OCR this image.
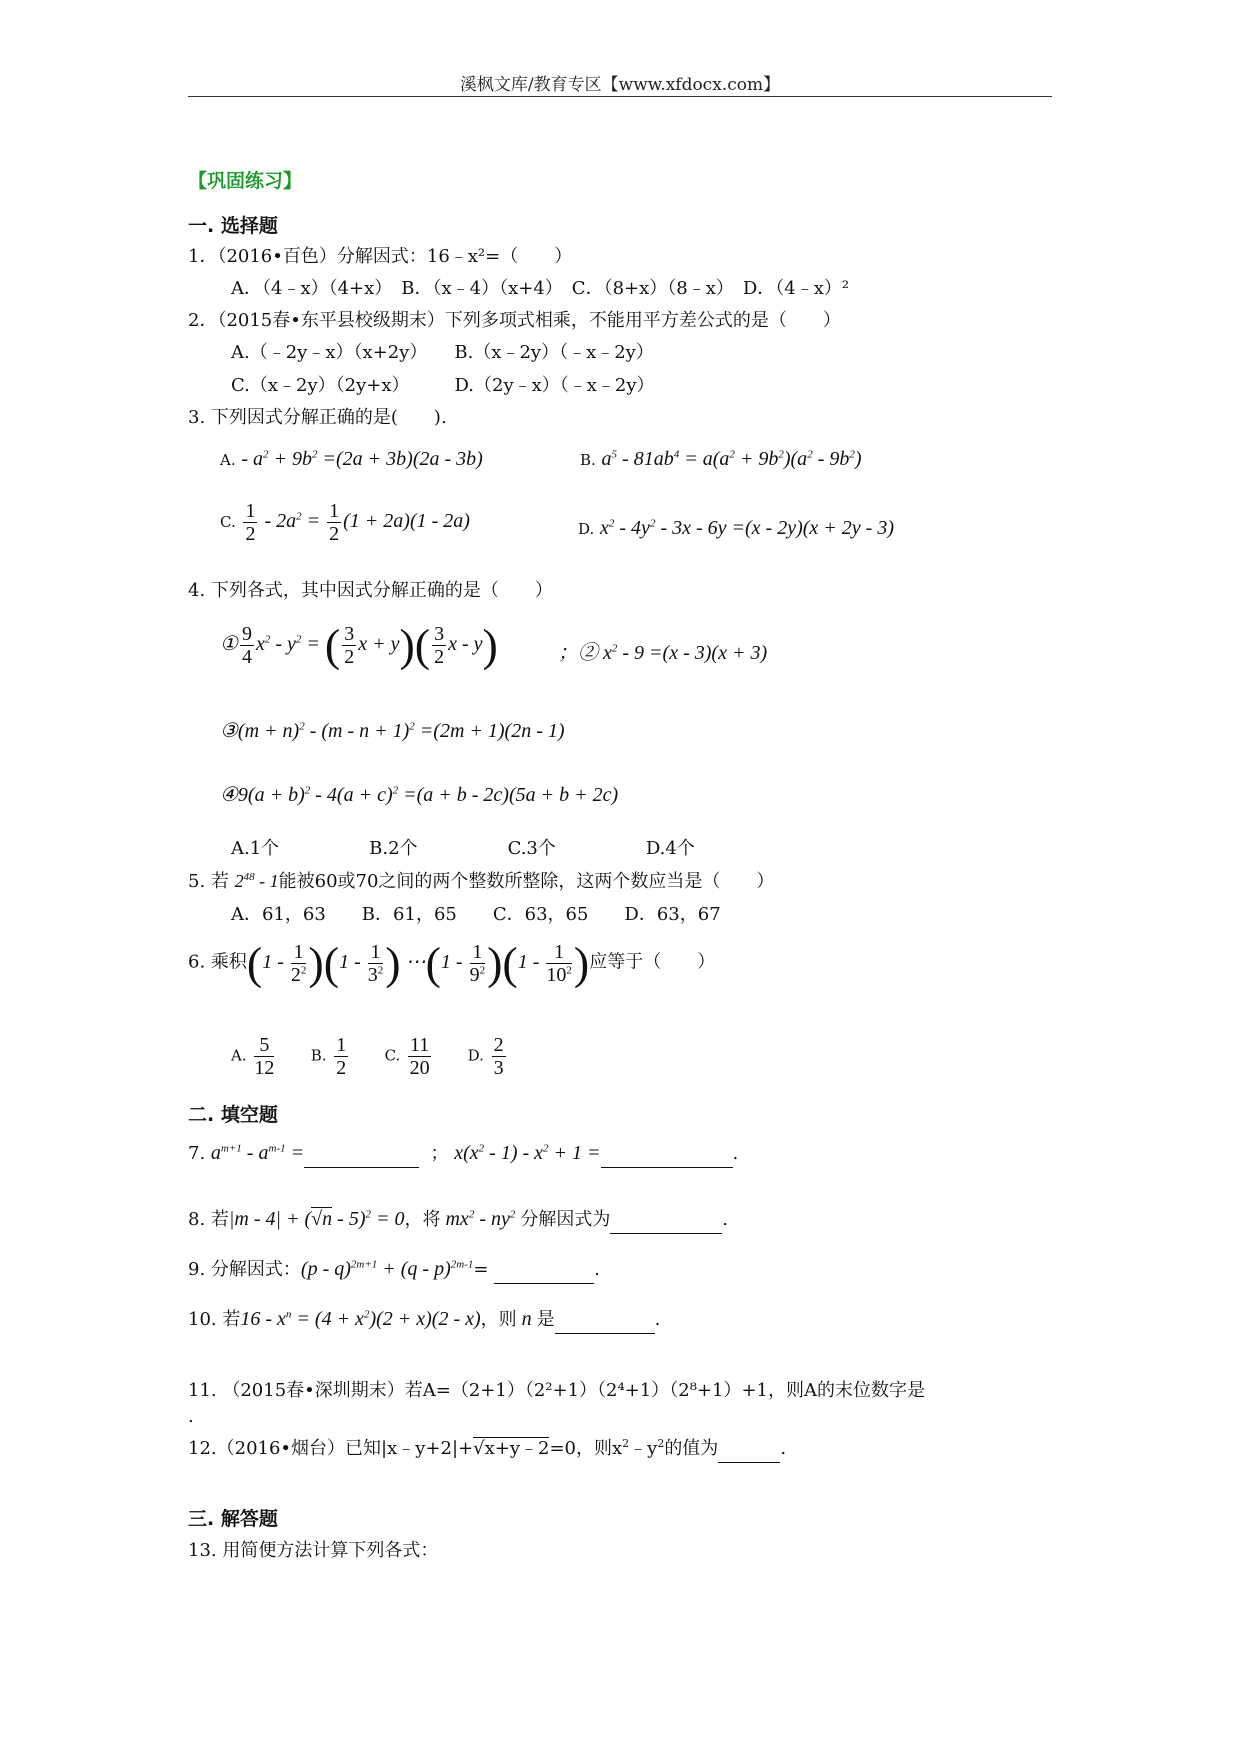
溪枫文库/教育专区【www.xfdocx.com】
【巩固练习】
一. 选择题
1．（2016•百色）分解因式：16﹣x²=（　　）
A．（4﹣x）（4+x）　B．（x﹣4）（x+4）　C．（8+x）（8﹣x）　D．（4﹣x）²
2．（2015春•东平县校级期末）下列多项式相乘，不能用平方差公式的是（　　）
A.（﹣2y﹣x）（x+2y）　　B.（x﹣2y）（﹣x﹣2y）
C.（x﹣2y）（2y+x）　　　D.（2y﹣x）（﹣x﹣2y）
3. 下列因式分解正确的是(　　).
A. - $a^2 + 9b^2 =(2a + 3b)(2a - 3b)$	B. $a^5 - 81ab^4 = a(a^2 + 9b^2)(a^2 - 9b^2)$
C. $\frac{1}{2} - 2a^2 = \frac{1}{2} (1 + 2a)(1 - 2a)$	D. $x^2 - 4y^2 - 3x - 6y =(x - 2y)(x + 2y - 3)$
4. 下列各式，其中因式分解正确的是（　　）
① $\frac{9}{4} x^2 - y^2$ = ( $\frac{3}{2}$ $x + y)( \frac{3}{2}$ x - y)	；② $x^2 - 9 =(x - 3)(x + 3)$
③(m + $n)^2 - (m - n + 1)^2 =(2m + 1)(2n - 1)$
④9(a + $b)^2 - 4(a + c)^2 =(a + b - 2c)(5a + b + 2c)$
A.1个　　　　　B.2个　　　　　C.3个　　　　　D.4个
5. 若 $2^{48} - 1$能被60或70之间的两个整数所整除，这两个数应当是（　　）
A．61，63　　B．61，65　　C．63，65　　D．63，67
6. 乘积$(1 - \frac{1}{2^2} )(1 - \frac{1}{3^2}$ ) ⋯(1 - $\frac{1}{9^2} )(1 - \frac{1}{10^2}$ )应等于（　　）
A. $\frac{5}{12} B$. $\frac{1}{2} C$. $\frac{11}{20} D$. $\frac{2}{3}$
二. 填空题
7. $a^{m+1} - a^{m-1}$ =	； $x(x^2 - 1) - x^2 + 1$ =	.
8. 若|m - 4| + (√n - 5)$^2$ = 0，将 $mx^2 - ny^2$ 分解因式为	.
9. 分解因式：(p - q)$^{2m+1}$ + (q - p)$^{2m-1}$=	.
10. 若$16 - x^n = (4 + x^2)(2 + x)(2 - x)$，则 n 是	.
11. （2015春•深圳期末）若A=（2+1）（2²+1）（2⁴+1）（2⁸+1）+1，则A的末位数字是
.
12.（2016•烟台）已知|x﹣y+2|+√x+y﹣2=0，则$x^2﹣y^2$的值为	.
三. 解答题
13. 用简便方法计算下列各式：
